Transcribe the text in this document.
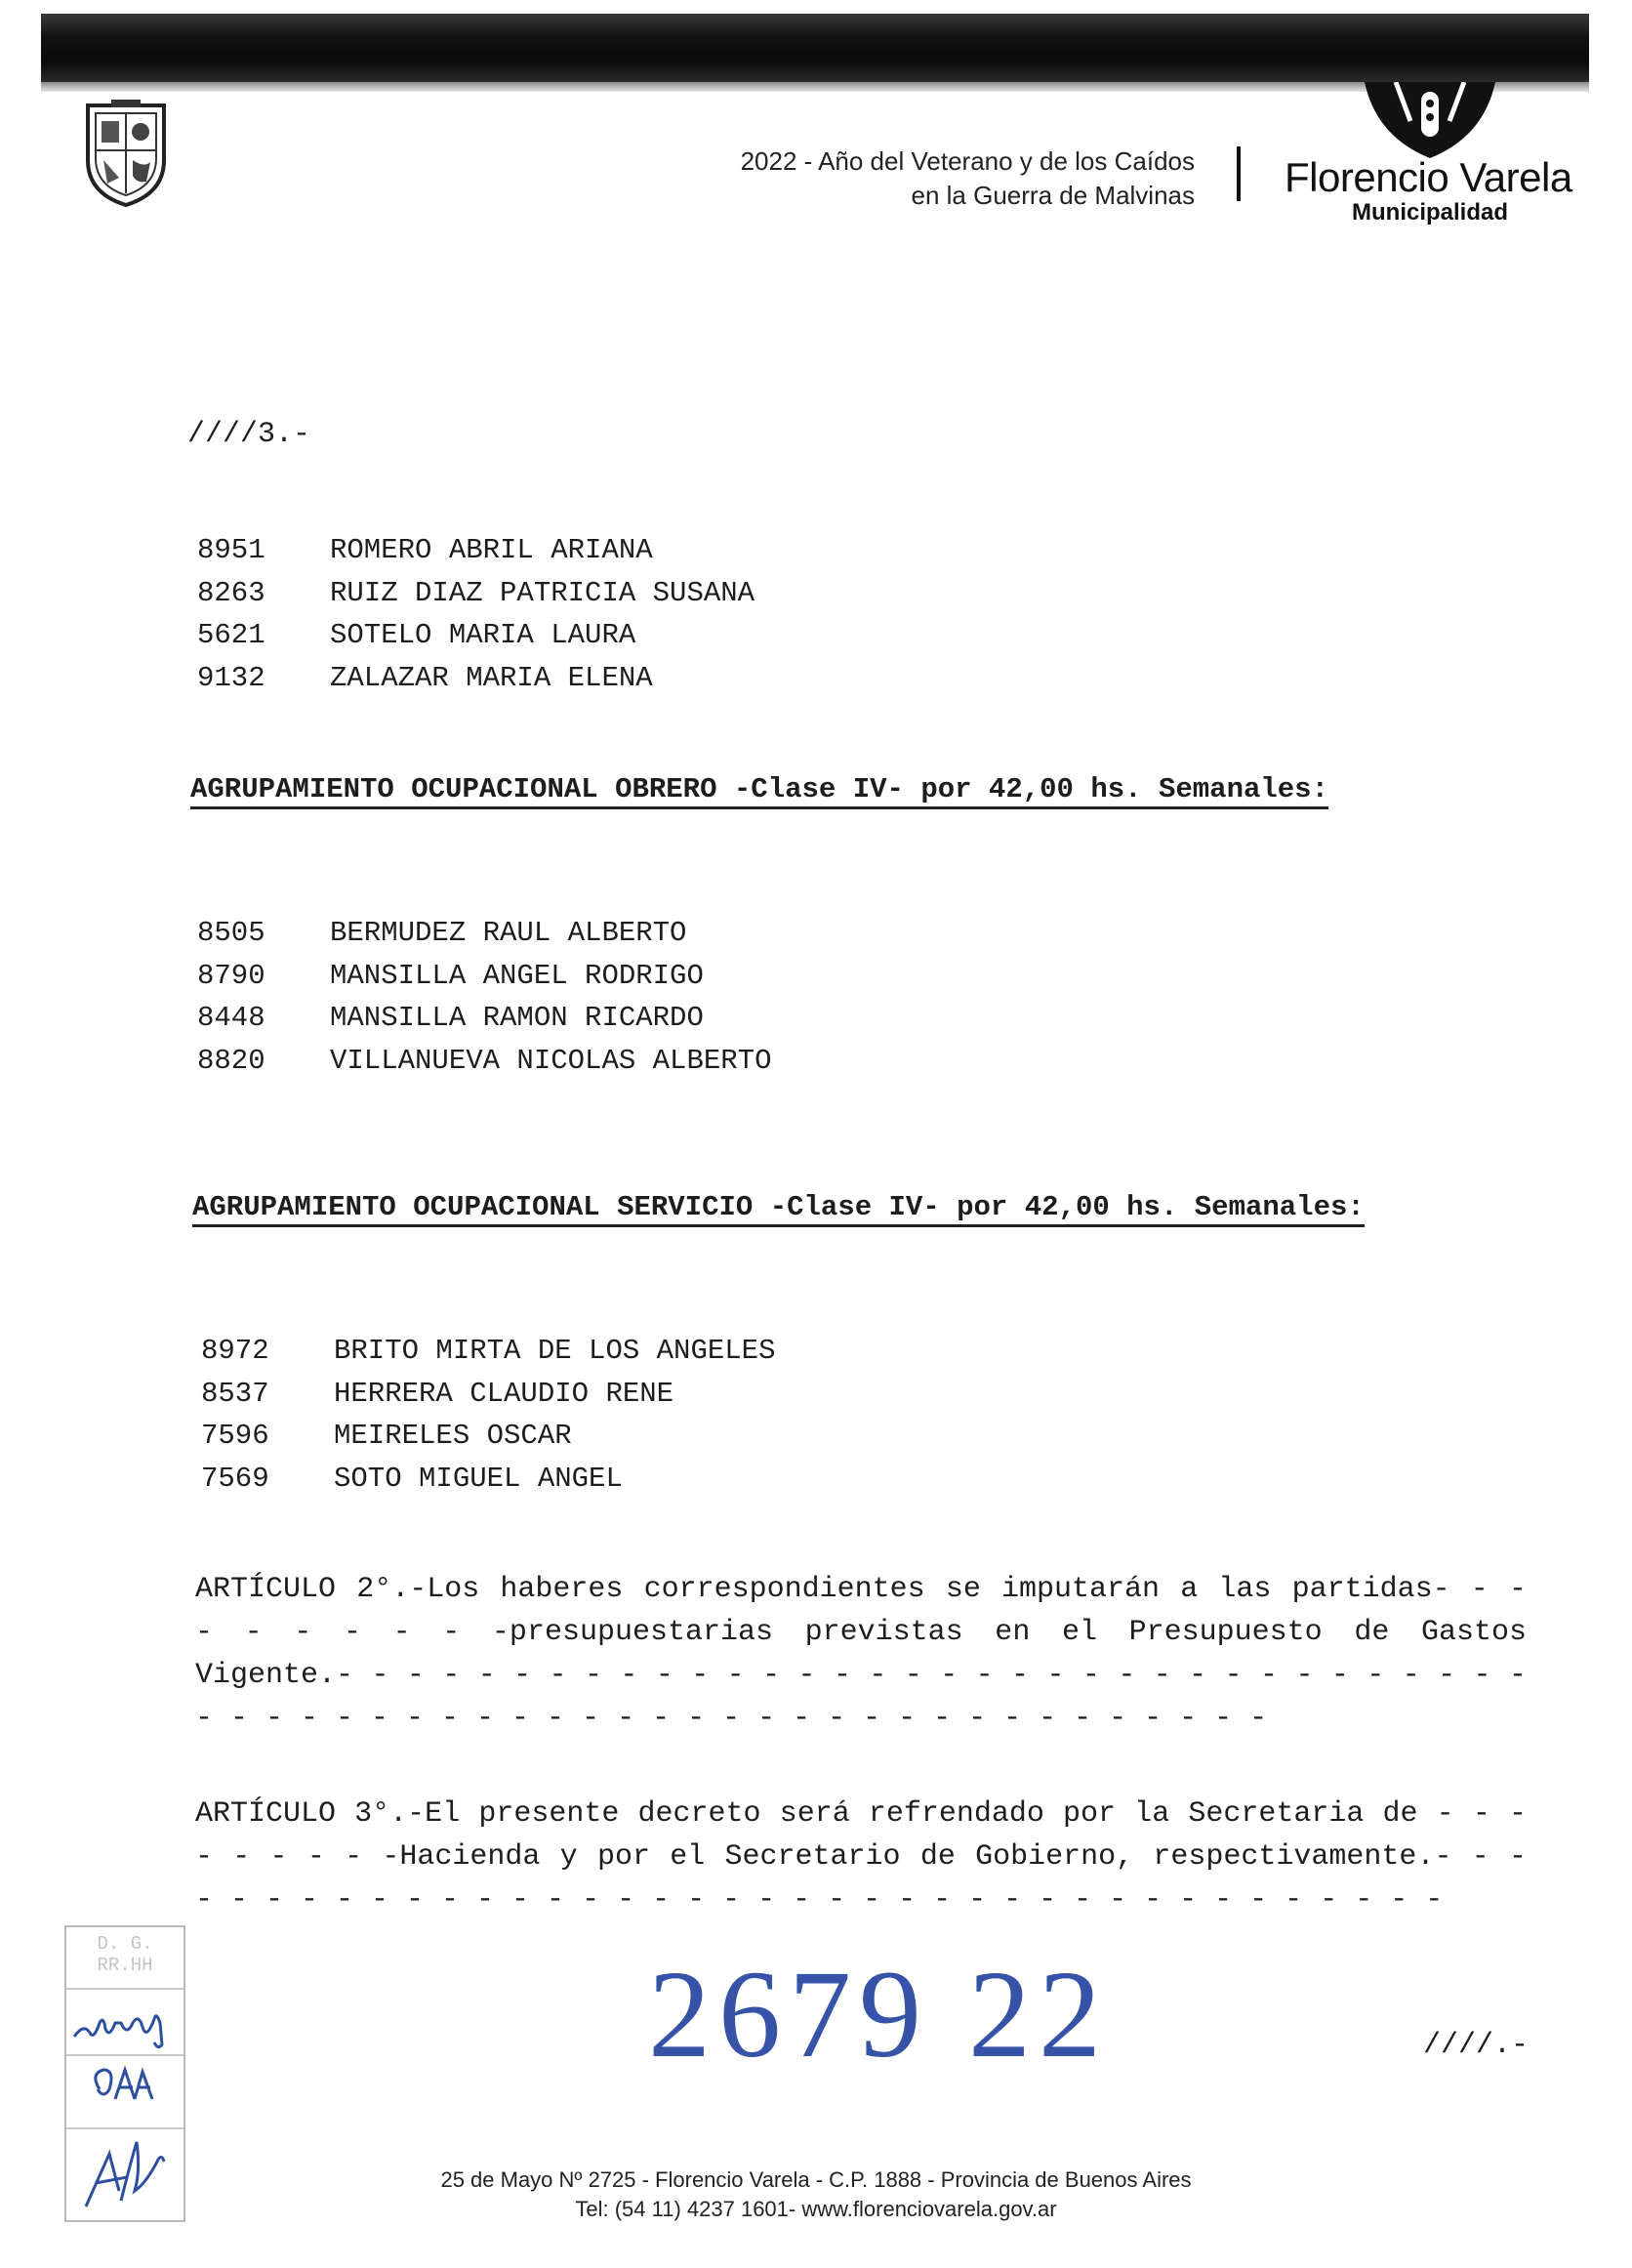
2022 - Año del Veterano y de los Caídos
en la Guerra de Malvinas Florencio Varela
Municipalidad
////3.-
8951	ROMERO ABRIL ARIANA
8263	RUIZ DIAZ PATRICIA SUSANA
5621	SOTELO MARIA LAURA
9132	ZALAZAR MARIA ELENA
AGRUPAMIENTO OCUPACIONAL OBRERO -Clase IV- por 42,00 hs. Semanales:
8505	BERMUDEZ RAUL ALBERTO
8790	MANSILLA ANGEL RODRIGO
8448	MANSILLA RAMON RICARDO
8820	VILLANUEVA NICOLAS ALBERTO
AGRUPAMIENTO OCUPACIONAL SERVICIO -Clase IV- por 42,00 hs. Semanales:
8972	BRITO MIRTA DE LOS ANGELES
8537	HERRERA CLAUDIO RENE
7596	MEIRELES OSCAR
7569	SOTO MIGUEL ANGEL
ARTÍCULO 2°.-Los haberes correspondientes se imputarán a las partidas- - - - - - - - - -presupuestarias previstas en el Presupuesto de Gastos Vigente.- - - - - - - - - - - - - - - - - - - - - - - - - - - - - - - - - - - - - - - - - - - - - - - - - - - - - - - - - - - - - - - - -
ARTÍCULO 3°.-El presente decreto será refrendado por la Secretaria de - - - - - - - - -Hacienda y por el Secretario de Gobierno, respectivamente.- - - - - - - - - - - - - - - - - - - - - - - - - - - - - - - - - - - - - - -
D. G.
RR.HH	2679 22	////.-
25 de Mayo Nº 2725 - Florencio Varela - C.P. 1888 - Provincia de Buenos Aires
Tel: (54 11) 4237 1601- www.florenciovarela.gov.ar
